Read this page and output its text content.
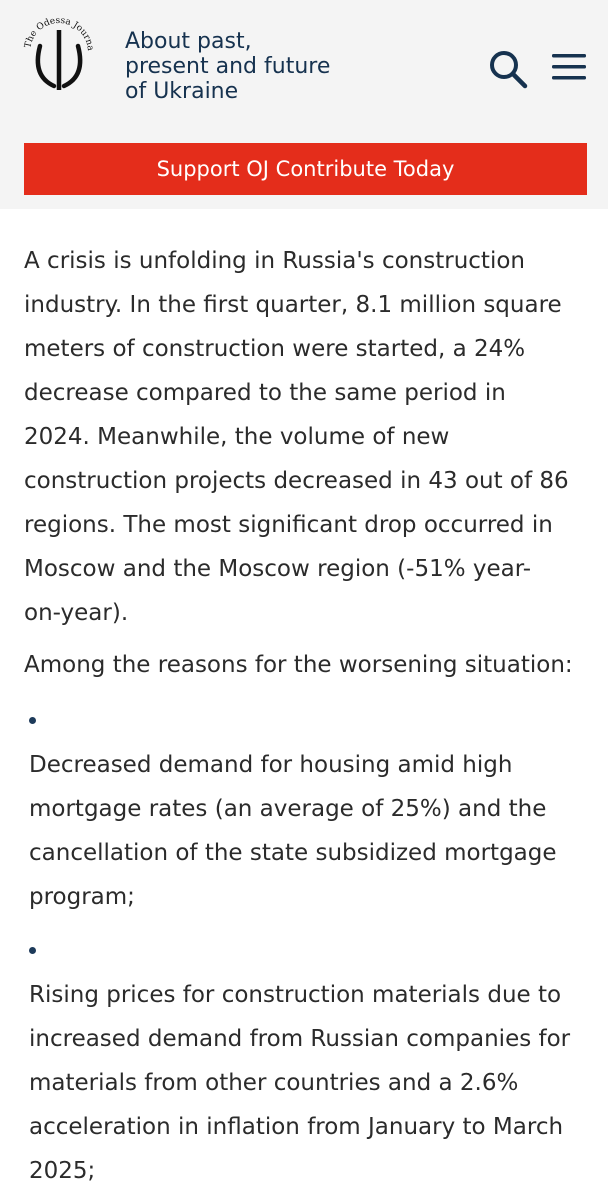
The Odessa Journa About past,
present and future
of Ukraine
Support OJ Contribute Today
A crisis is unfolding in Russia's construction
industry. In the first quarter, 8.1 million square
meters of construction were started, a 24%
decrease compared to the same period in
2024. Meanwhile, the volume of new
construction projects decreased in 43 out of 86
regions. The most significant drop occurred in
Moscow and the Moscow region (-51% year-
on-year).
Among the reasons for the worsening situation:
Decreased demand for housing amid high
mortgage rates (an average of 25%) and the
cancellation of the state subsidized mortgage
program;
Rising prices for construction materials due to
increased demand from Russian companies for
materials from other countries and a 2.6%
acceleration in inflation from January to March
2025;
